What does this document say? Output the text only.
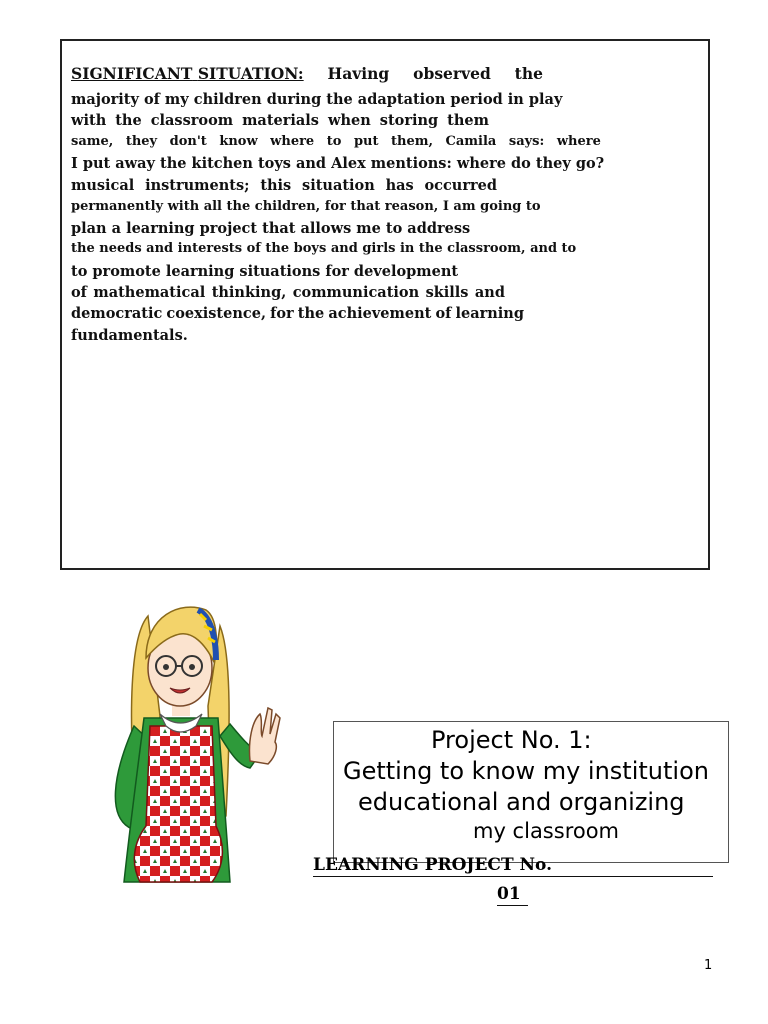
SIGNIFICANT SITUATION: Having observed the
majority of my children during the adaptation period in play
with the classroom materials when storing them
same, they don't know where to put them, Camila says: where
I put away the kitchen toys and Alex mentions: where do they go?
musical instruments; this situation has occurred
permanently with all the children, for that reason, I am going to
plan a learning project that allows me to address
the needs and interests of the boys and girls in the classroom, and to
to promote learning situations for development
of mathematical thinking, communication skills and
democratic coexistence, for the achievement of learning
fundamentals.
Project No. 1:
Getting to know my institution
educational and organizing
my classroom
LEARNING PROJECT No.
01
1
